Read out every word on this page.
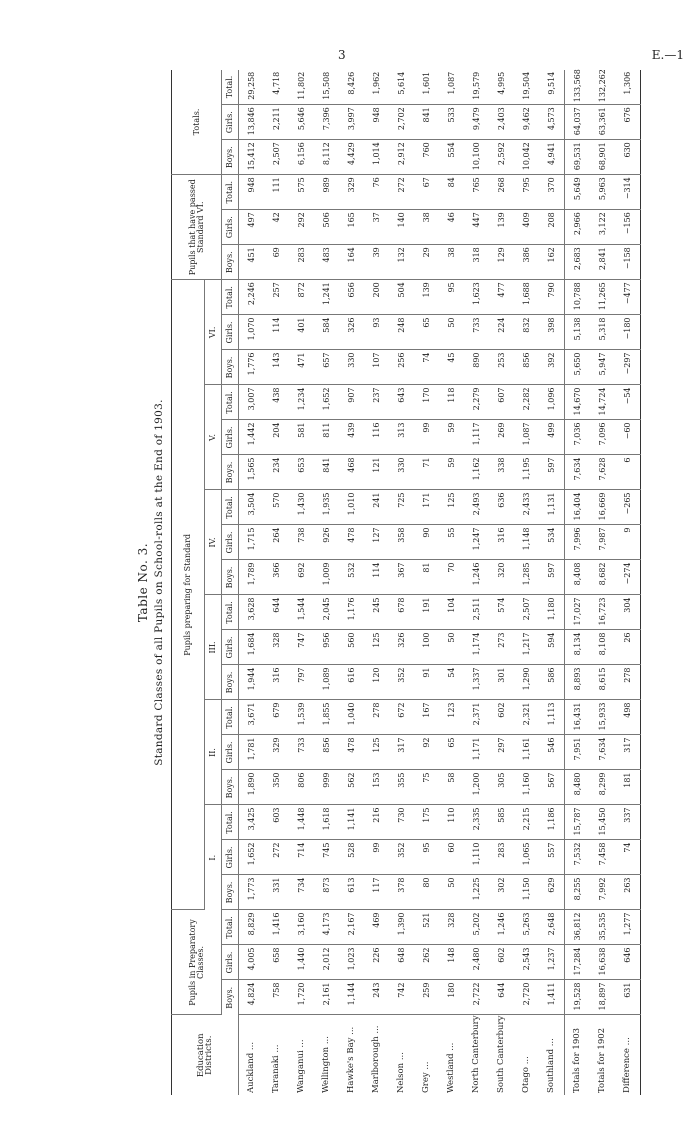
3	E.—1
Table No. 3. Standard Classes of all Pupils on School-rolls at the End of 1903.
Education Districts.	Pupils in Preparatory Classes.			Pupils preparing for Standard																		Pupils that have passed Standard VI.			Totals.		
				I.			II.			III.			IV.			V.			VI.								
	Boys.	Girls.	Total.	Boys.	Girls.	Total.	Boys.	Girls.	Total.	Boys.	Girls.	Total.	Boys.	Girls.	Total.	Boys.	Girls.	Total.	Boys.	Girls.	Total.	Boys.	Girls.	Total.	Boys.	Girls.	Total.
Auckland ...	4,824	4,005	8,829	1,773	1,652	3,425	1,890	1,781	3,671	1,944	1,684	3,628	1,789	1,715	3,504	1,565	1,442	3,007	1,776	1,070	2,246	451	497	948	15,412	13,846	29,258
Taranaki ...	758	658	1,416	331	272	603	350	329	679	316	328	644	366	264	570	234	204	438	143	114	257	69	42	111	2,507	2,211	4,718
Wanganui ...	1,720	1,440	3,160	734	714	1,448	806	733	1,539	797	747	1,544	692	738	1,430	653	581	1,234	471	401	872	283	292	575	6,156	5,646	11,802
Wellington ...	2,161	2,012	4,173	873	745	1,618	999	856	1,855	1,089	956	2,045	1,009	926	1,935	841	811	1,652	657	584	1,241	483	506	989	8,112	7,396	15,508
Hawke's Bay ...	1,144	1,023	2,167	613	528	1,141	562	478	1,040	616	560	1,176	532	478	1,010	468	439	907	330	326	656	164	165	329	4,429	3,997	8,426
Marlborough ...	243	226	469	117	99	216	153	125	278	120	125	245	114	127	241	121	116	237	107	93	200	39	37	76	1,014	948	1,962
Nelson ...	742	648	1,390	378	352	730	355	317	672	352	326	678	367	358	725	330	313	643	256	248	504	132	140	272	2,912	2,702	5,614
Grey ...	259	262	521	80	95	175	75	92	167	91	100	191	81	90	171	71	99	170	74	65	139	29	38	67	760	841	1,601
Westland ...	180	148	328	50	60	110	58	65	123	54	50	104	70	55	125	59	59	118	45	50	95	38	46	84	554	533	1,087
North Canterbury	2,722	2,480	5,202	1,225	1,110	2,335	1,200	1,171	2,371	1,337	1,174	2,511	1,246	1,247	2,493	1,162	1,117	2,279	890	733	1,623	318	447	765	10,100	9,479	19,579
South Canterbury	644	602	1,246	302	283	585	305	297	602	301	273	574	320	316	636	338	269	607	253	224	477	129	139	268	2,592	2,403	4,995
Otago ...	2,720	2,543	5,263	1,150	1,065	2,215	1,160	1,161	2,321	1,290	1,217	2,507	1,285	1,148	2,433	1,195	1,087	2,282	856	832	1,688	386	409	795	10,042	9,462	19,504
Southland ...	1,411	1,237	2,648	629	557	1,186	567	546	1,113	586	594	1,180	597	534	1,131	597	499	1,096	392	398	790	162	208	370	4,941	4,573	9,514
Totals for 1903	19,528	17,284	36,812	8,255	7,532	15,787	8,480	7,951	16,431	8,893	8,134	17,027	8,408	7,996	16,404	7,634	7,036	14,670	5,650	5,138	10,788	2,683	2,966	5,649	69,531	64,037	133,568
Totals for 1902	18,897	16,638	35,535	7,992	7,458	15,450	8,299	7,634	15,933	8,615	8,108	16,723	8,682	7,987	16,669	7,628	7,096	14,724	5,947	5,318	11,265	2,841	3,122	5,963	68,901	63,361	132,262
Difference ...	631	646	1,277	263	74	337	181	317	498	278	26	304	−274	9	−265	6	−60	−54	−297	−180	−477	−158	−156	−314	630	676	1,306
